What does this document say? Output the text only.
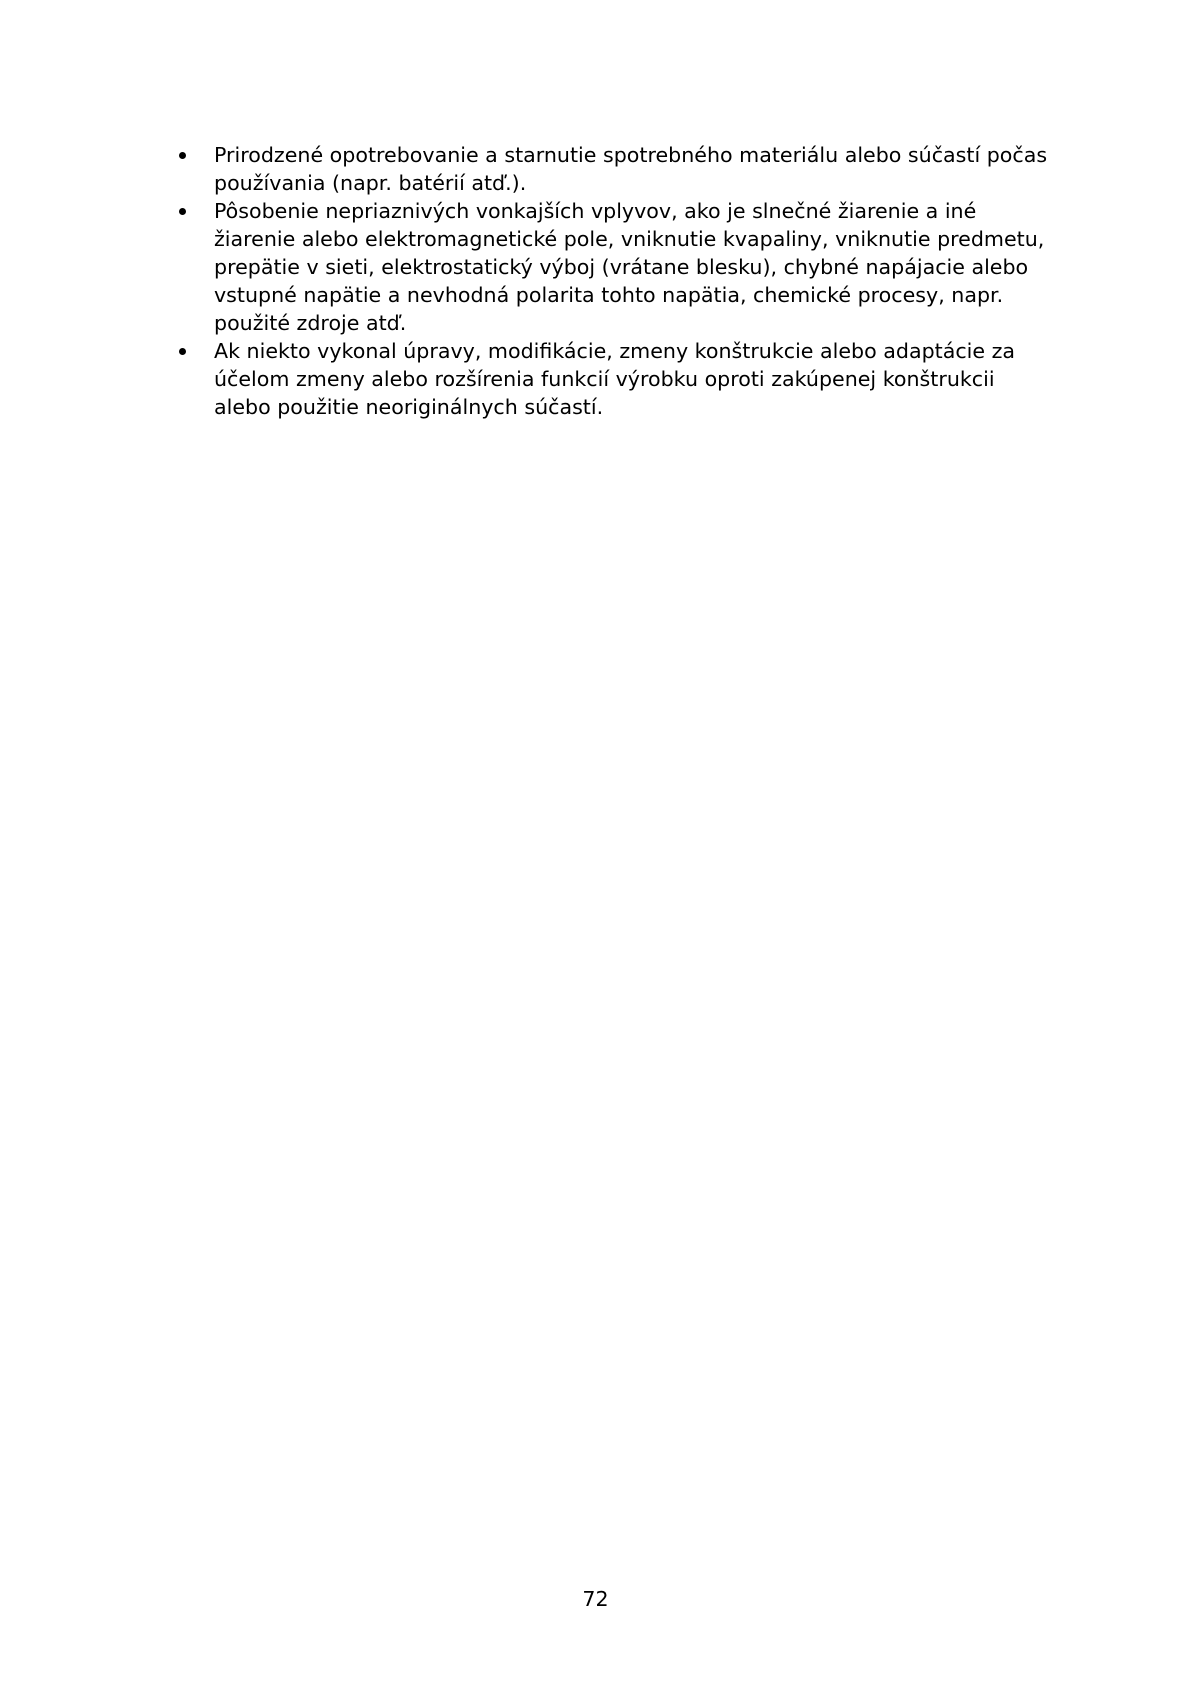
Prirodzené opotrebovanie a starnutie spotrebného materiálu alebo súčastí počas používania (napr. batérií atď.).
Pôsobenie nepriaznivých vonkajších vplyvov, ako je slnečné žiarenie a iné žiarenie alebo elektromagnetické pole, vniknutie kvapaliny, vniknutie predmetu, prepätie v sieti, elektrostatický výboj (vrátane blesku), chybné napájacie alebo vstupné napätie a nevhodná polarita tohto napätia, chemické procesy, napr. použité zdroje atď.
Ak niekto vykonal úpravy, modifikácie, zmeny konštrukcie alebo adaptácie za účelom zmeny alebo rozšírenia funkcií výrobku oproti zakúpenej konštrukcii alebo použitie neoriginálnych súčastí.
72
